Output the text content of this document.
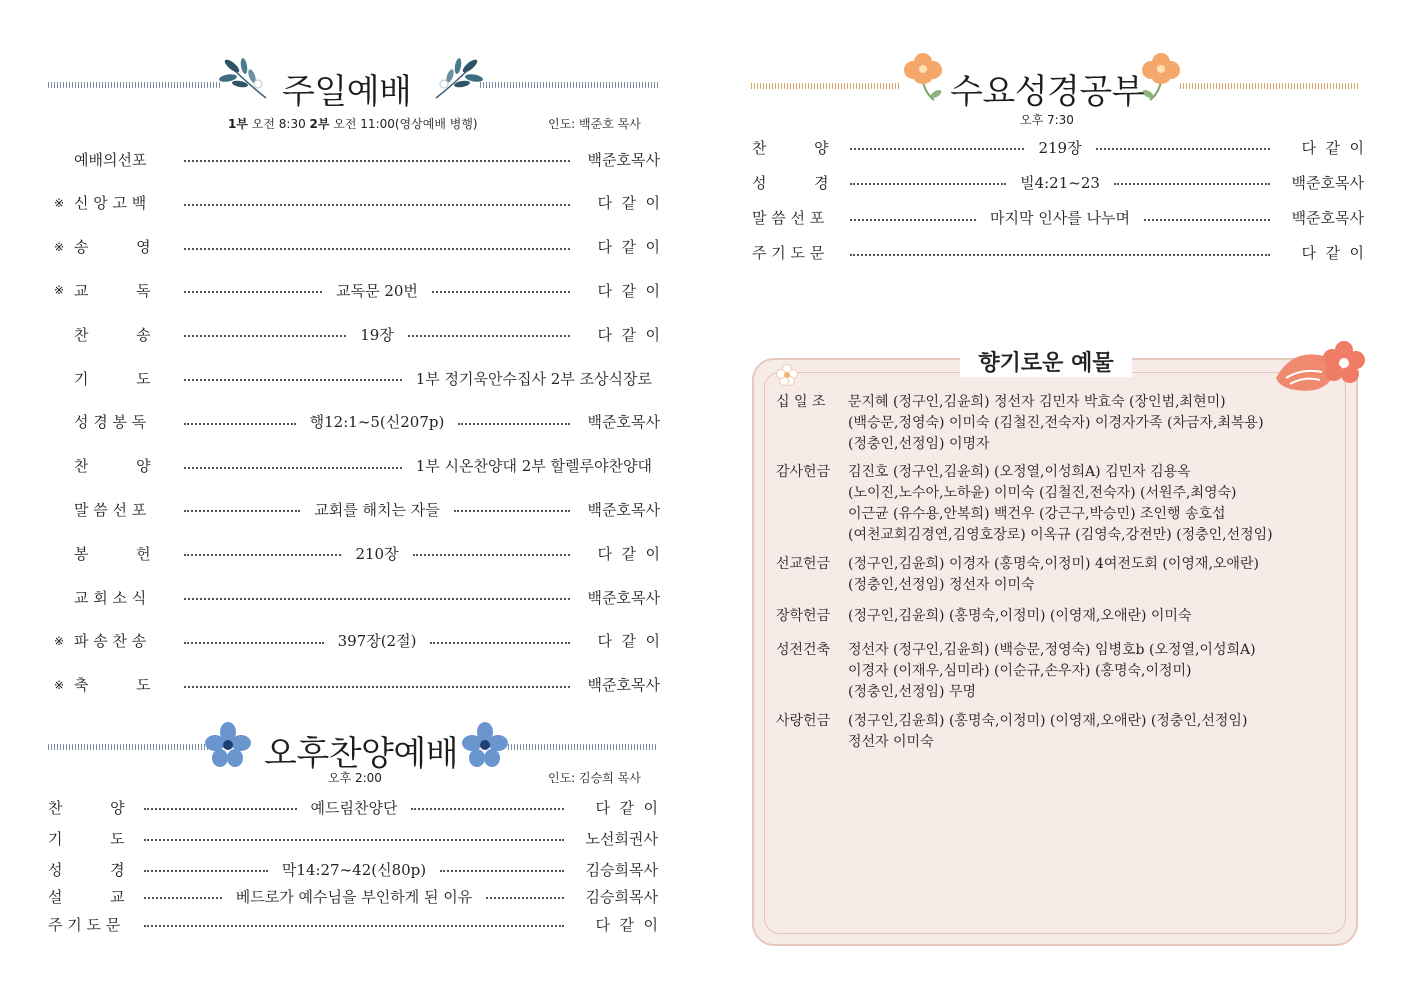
주일예배
1부 오전 8:30 2부 오전 11:00(영상예배 병행)	인도: 백준호 목사
예배의선포	백준호목사
※ 신 앙 고 백	다  같  이
※ 송          영	다  같  이
※ 교          독	교독문 20번	다  같  이
찬          송	19장	다  같  이
기          도	1부 정기욱안수집사 2부 조상식장로
성 경 봉 독	행12:1~5(신207p)	백준호목사
찬          양	1부 시온찬양대 2부 할렐루야찬양대
말 씀 선 포	교회를 해치는 자들	백준호목사
봉          헌	210장	다  같  이
교 회 소 식	백준호목사
※ 파 송 찬 송	397장(2절)	다  같  이
※ 축          도	백준호목사
오후찬양예배
오후 2:00	인도: 김승희 목사
찬          양	예드림찬양단	다  같  이
기          도	노선희권사
성          경	막14:27~42(신80p)	김승희목사
설          교	베드로가 예수님을 부인하게 된 이유	김승희목사
주 기 도 문	다  같  이
수요성경공부
오후 7:30
찬          양	219장	다  같  이
성          경	빌4:21~23	백준호목사
말 씀 선 포	마지막 인사를 나누며	백준호목사
주 기 도 문	다  같  이
향기로운 예물
십 일 조	문지혜 (정구인,김윤희) 정선자 김민자 박효숙 (장인범,최현미)
(백승문,정영숙) 이미숙 (김철진,전숙자) 이경자가족 (차금자,최복용)
(정충인,선정임) 이명자
감사헌금	김진호 (정구인,김윤희) (오정열,이성희A) 김민자 김용옥
(노이진,노수아,노하윤) 이미숙 (김철진,전숙자) (서원주,최영숙)
이근균 (유수용,안복희) 백건우 (강근구,박승민) 조인행 송호섭
(여천교회김경연,김영호장로) 이옥규 (김영숙,강전만) (정충인,선정임)
선교헌금	(정구인,김윤희) 이경자 (홍명숙,이정미) 4여전도회 (이영재,오애란)
(정충인,선정임) 정선자 이미숙
장학헌금	(정구인,김윤희) (홍명숙,이정미) (이영재,오애란) 이미숙
성전건축	정선자 (정구인,김윤희) (백승문,정영숙) 임병호b (오정열,이성희A)
이경자 (이재우,심미라) (이순규,손우자) (홍명숙,이정미)
(정충인,선정임) 무명
사랑헌금	(정구인,김윤희) (홍명숙,이정미) (이영재,오애란) (정충인,선정임)
정선자 이미숙
